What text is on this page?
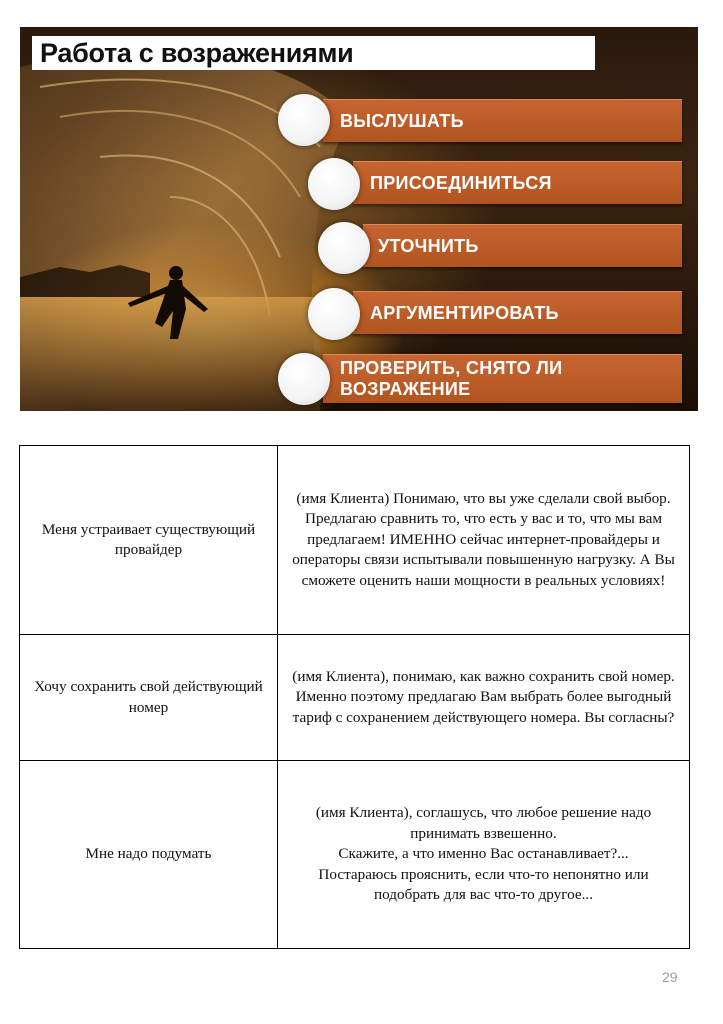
Работа с возражениями
ВЫСЛУШАТЬ
ПРИСОЕДИНИТЬСЯ
УТОЧНИТЬ
АРГУМЕНТИРОВАТЬ
ПРОВЕРИТЬ, СНЯТО ЛИ
ВОЗРАЖЕНИЕ
Меня устраивает существующий провайдер	(имя Клиента) Понимаю, что вы уже сделали свой выбор. Предлагаю сравнить то, что есть у вас и то, что мы вам предлагаем! ИМЕННО сейчас интернет-провайдеры и операторы связи испытывали повышенную нагрузку. А Вы сможете оценить наши мощности в реальных условиях!
Хочу сохранить свой действующий номер	(имя Клиента), понимаю, как важно сохранить свой номер. Именно поэтому предлагаю Вам выбрать более выгодный тариф с сохранением действующего номера. Вы согласны?
Мне надо подумать	(имя Клиента), соглашусь, что любое решение надо принимать взвешенно.
Скажите, а что именно Вас останавливает?...
Постараюсь прояснить, если что-то непонятно или подобрать для вас что-то другое...
29
